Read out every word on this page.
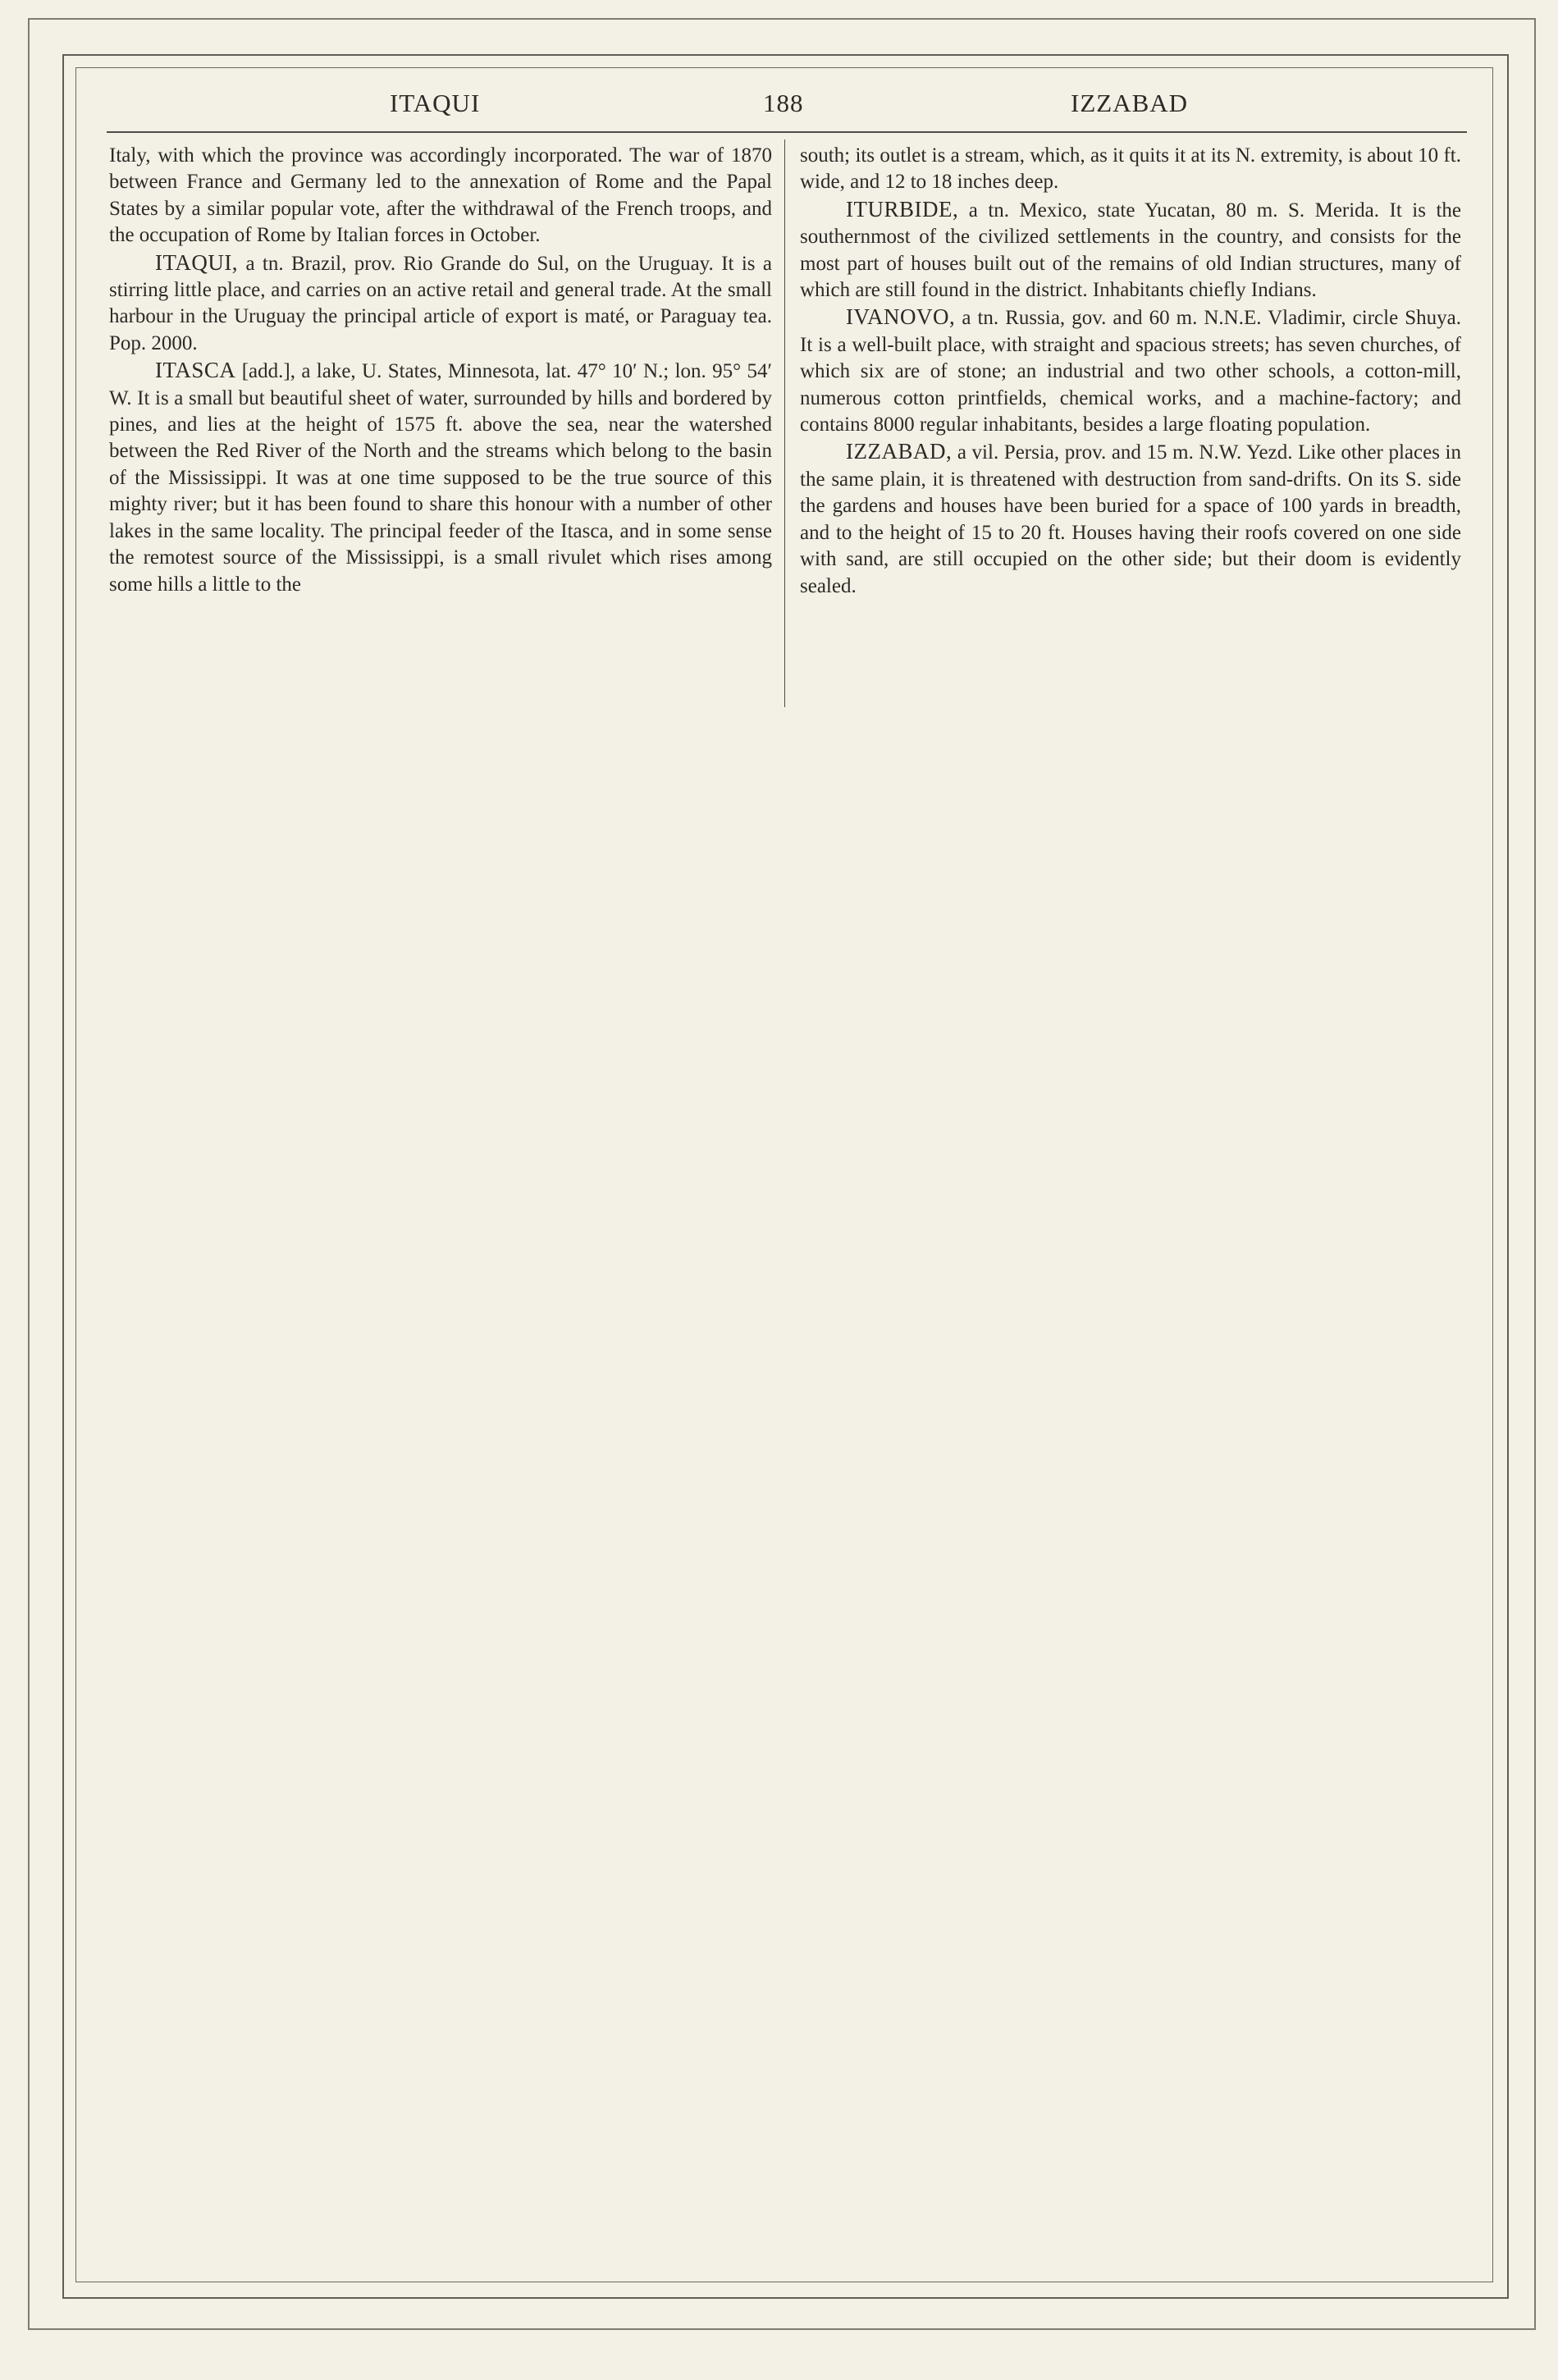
ITAQUI	188	IZZABAD

Italy, with which the province was accordingly incorporated. The war of 1870 between France and Germany led to the annexation of Rome and the Papal States by a similar popular vote, after the withdrawal of the French troops, and the occupation of Rome by Italian forces in October.

ITAQUI, a tn. Brazil, prov. Rio Grande do Sul, on the Uruguay. It is a stirring little place, and carries on an active retail and general trade. At the small harbour in the Uruguay the principal article of export is maté, or Paraguay tea. Pop. 2000.

ITASCA [add.], a lake, U. States, Minnesota, lat. 47° 10′ N.; lon. 95° 54′ W. It is a small but beautiful sheet of water, surrounded by hills and bordered by pines, and lies at the height of 1575 ft. above the sea, near the watershed between the Red River of the North and the streams which belong to the basin of the Mississippi. It was at one time supposed to be the true source of this mighty river; but it has been found to share this honour with a number of other lakes in the same locality. The principal feeder of the Itasca, and in some sense the remotest source of the Mississippi, is a small rivulet which rises among some hills a little to the

south; its outlet is a stream, which, as it quits it at its N. extremity, is about 10 ft. wide, and 12 to 18 inches deep.

ITURBIDE, a tn. Mexico, state Yucatan, 80 m. S. Merida. It is the southernmost of the civilized settlements in the country, and consists for the most part of houses built out of the remains of old Indian structures, many of which are still found in the district. Inhabitants chiefly Indians.

IVANOVO, a tn. Russia, gov. and 60 m. N.N.E. Vladimir, circle Shuya. It is a well-built place, with straight and spacious streets; has seven churches, of which six are of stone; an industrial and two other schools, a cotton-mill, numerous cotton printfields, chemical works, and a machine-factory; and contains 8000 regular inhabitants, besides a large floating population.

IZZABAD, a vil. Persia, prov. and 15 m. N.W. Yezd. Like other places in the same plain, it is threatened with destruction from sand-drifts. On its S. side the gardens and houses have been buried for a space of 100 yards in breadth, and to the height of 15 to 20 ft. Houses having their roofs covered on one side with sand, are still occupied on the other side; but their doom is evidently sealed.
